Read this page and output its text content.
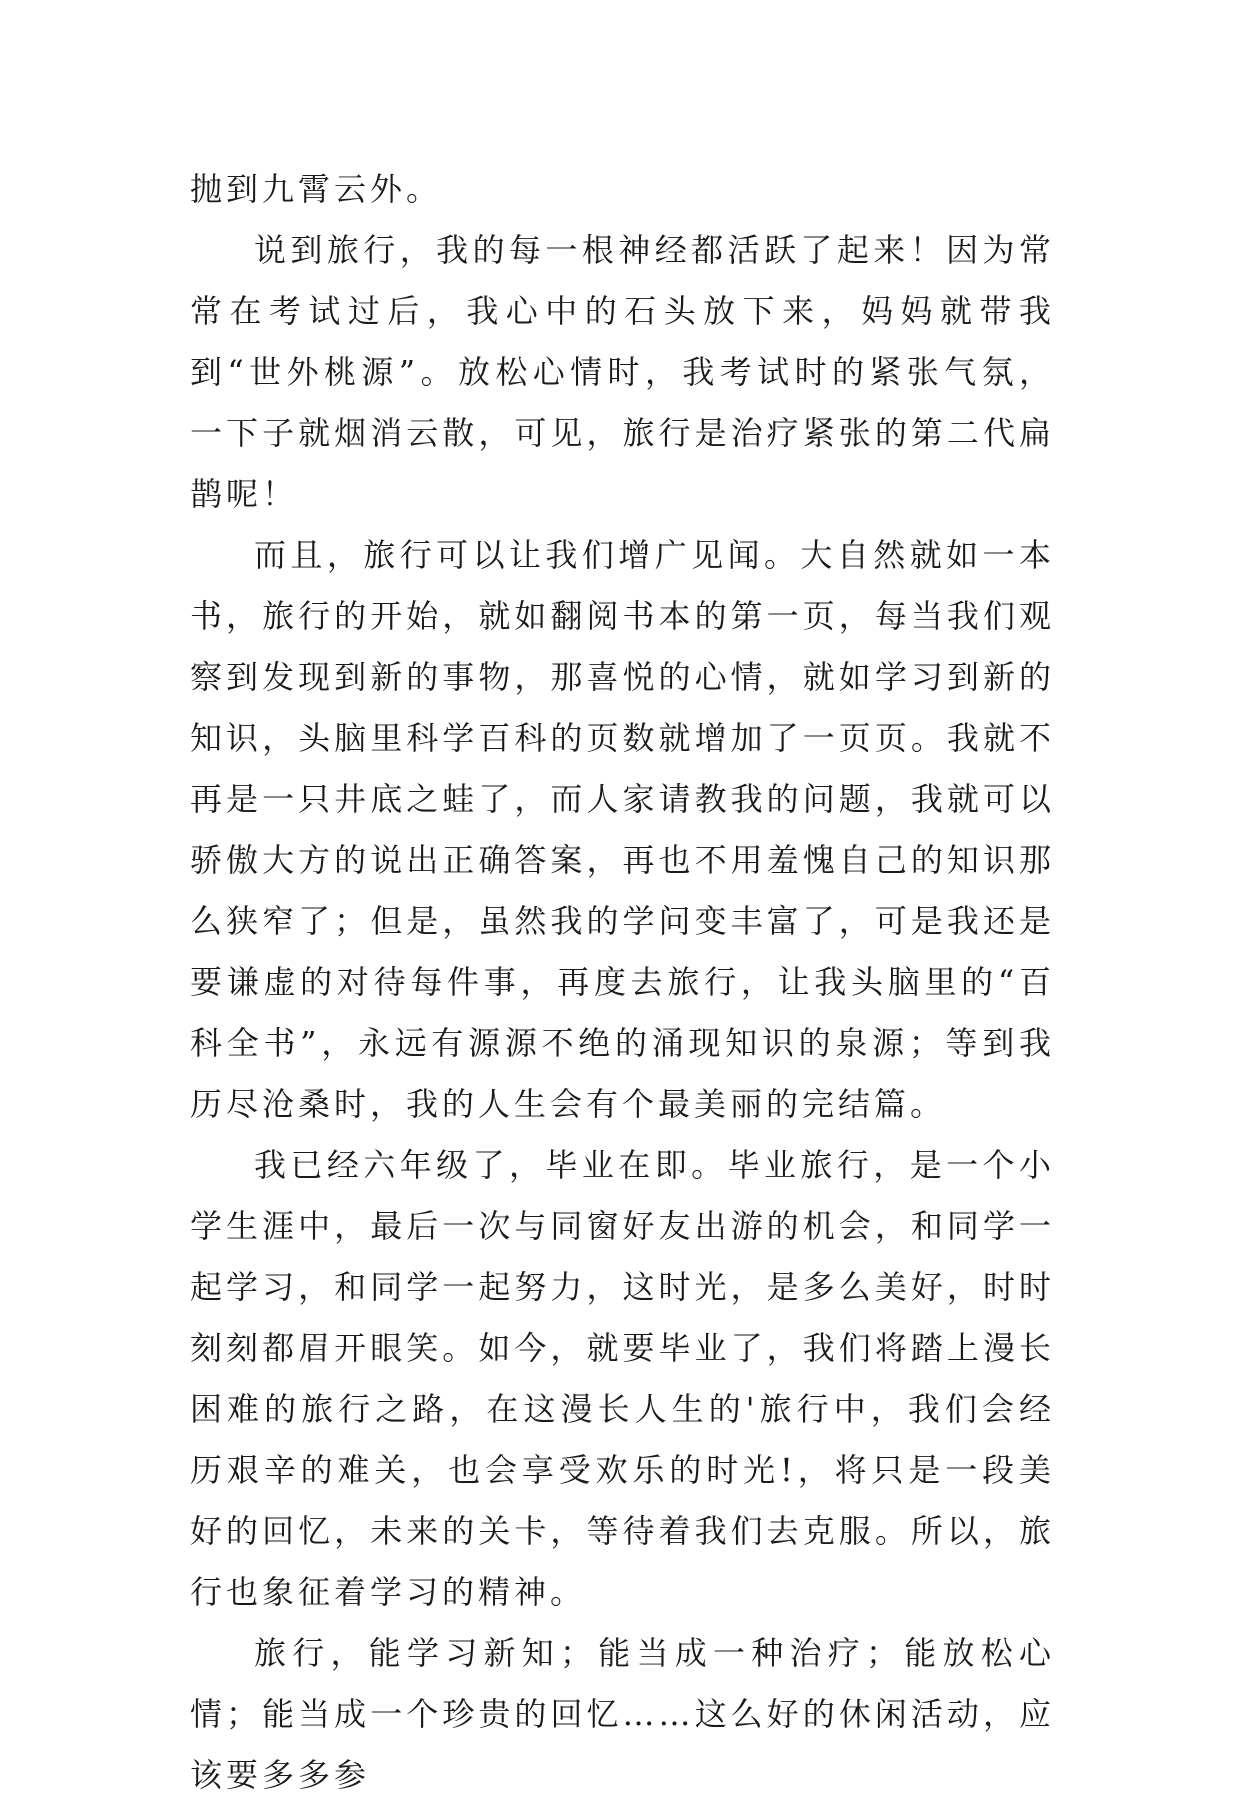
抛到九霄云外。

说到旅行，我的每一根神经都活跃了起来！因为常常在考试过后，我心中的石头放下来，妈妈就带我到“世外桃源”。放松心情时，我考试时的紧张气氛，一下子就烟消云散，可见，旅行是治疗紧张的第二代扁鹊呢！

而且，旅行可以让我们增广见闻。大自然就如一本书，旅行的开始，就如翻阅书本的第一页，每当我们观察到发现到新的事物，那喜悦的心情，就如学习到新的知识，头脑里科学百科的页数就增加了一页页。我就不再是一只井底之蛙了，而人家请教我的问题，我就可以骄傲大方的说出正确答案，再也不用羞愧自己的知识那么狭窄了；但是，虽然我的学问变丰富了，可是我还是要谦虚的对待每件事，再度去旅行，让我头脑里的“百科全书”，永远有源源不绝的涌现知识的泉源；等到我历尽沧桑时，我的人生会有个最美丽的完结篇。

我已经六年级了，毕业在即。毕业旅行，是一个小学生涯中，最后一次与同窗好友出游的机会，和同学一起学习，和同学一起努力，这时光，是多么美好，时时刻刻都眉开眼笑。如今，就要毕业了，我们将踏上漫长困难的旅行之路，在这漫长人生的'旅行中，我们会经历艰辛的难关，也会享受欢乐的时光!，将只是一段美好的回忆，未来的关卡，等待着我们去克服。所以，旅行也象征着学习的精神。

旅行，能学习新知；能当成一种治疗；能放松心情；能当成一个珍贵的回忆……这么好的休闲活动，应该要多多参
